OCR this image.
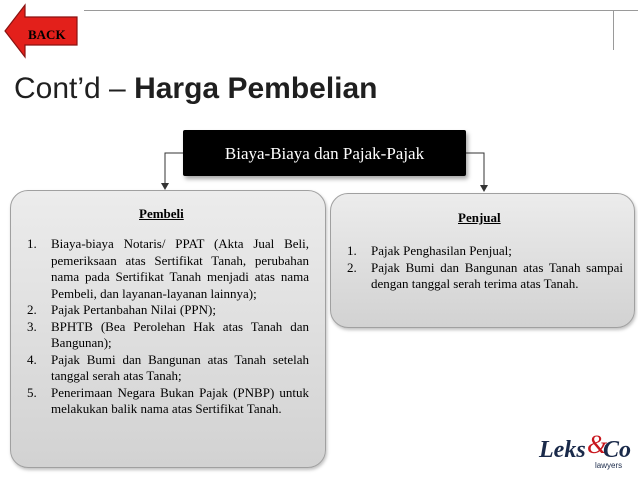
BACK
Cont’d – Harga Pembelian
Biaya-Biaya dan Pajak-Pajak
Pembeli
1. Biaya-biaya Notaris/ PPAT (Akta Jual Beli, pemeriksaan atas Sertifikat Tanah, perubahan nama pada Sertifikat Tanah menjadi atas nama Pembeli, dan layanan-layanan lainnya);
2. Pajak Pertanbahan Nilai (PPN);
3. BPHTB (Bea Perolehan Hak atas Tanah dan Bangunan);
4. Pajak Bumi dan Bangunan atas Tanah setelah tanggal serah atas Tanah;
5. Penerimaan Negara Bukan Pajak (PNBP) untuk melakukan balik nama atas Sertifikat Tanah.
Penjual
1. Pajak Penghasilan Penjual;
2. Pajak Bumi dan Bangunan atas Tanah sampai dengan tanggal serah terima atas Tanah.
Leks &
Co
lawyers
